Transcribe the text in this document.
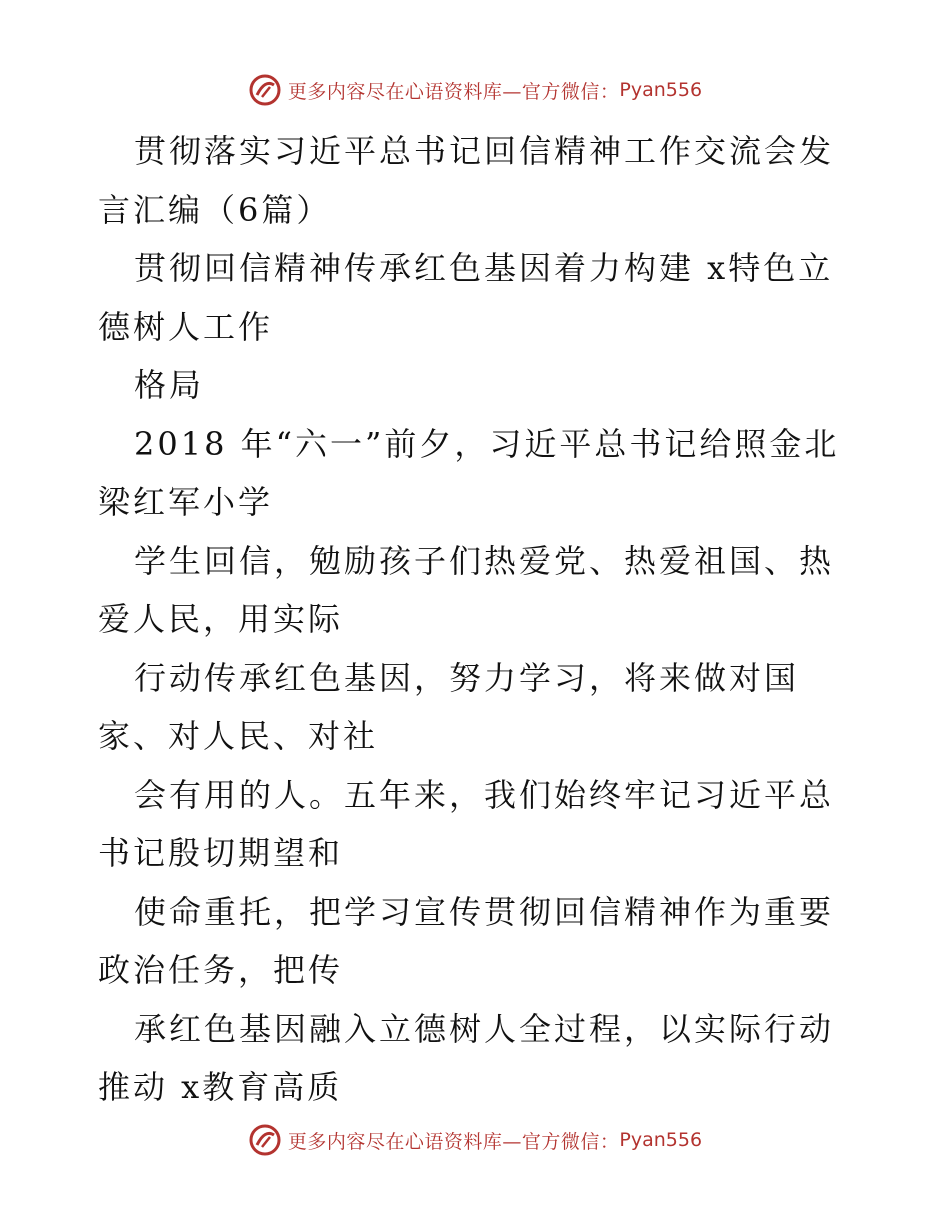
更多内容尽在心语资料库—官方微信： Pyan556

贯彻落实习近平总书记回信精神工作交流会发言汇编（6篇）

贯彻回信精神传承红色基因着力构建 x特色立德树人工作

格局

2018 年“六一”前夕，习近平总书记给照金北梁红军小学

学生回信，勉励孩子们热爱党、热爱祖国、热爱人民，用实际

行动传承红色基因，努力学习，将来做对国家、对人民、对社

会有用的人。五年来，我们始终牢记习近平总书记殷切期望和

使命重托，把学习宣传贯彻回信精神作为重要政治任务，把传

承红色基因融入立德树人全过程，以实际行动推动 x教育高质

更多内容尽在心语资料库—官方微信： Pyan556
